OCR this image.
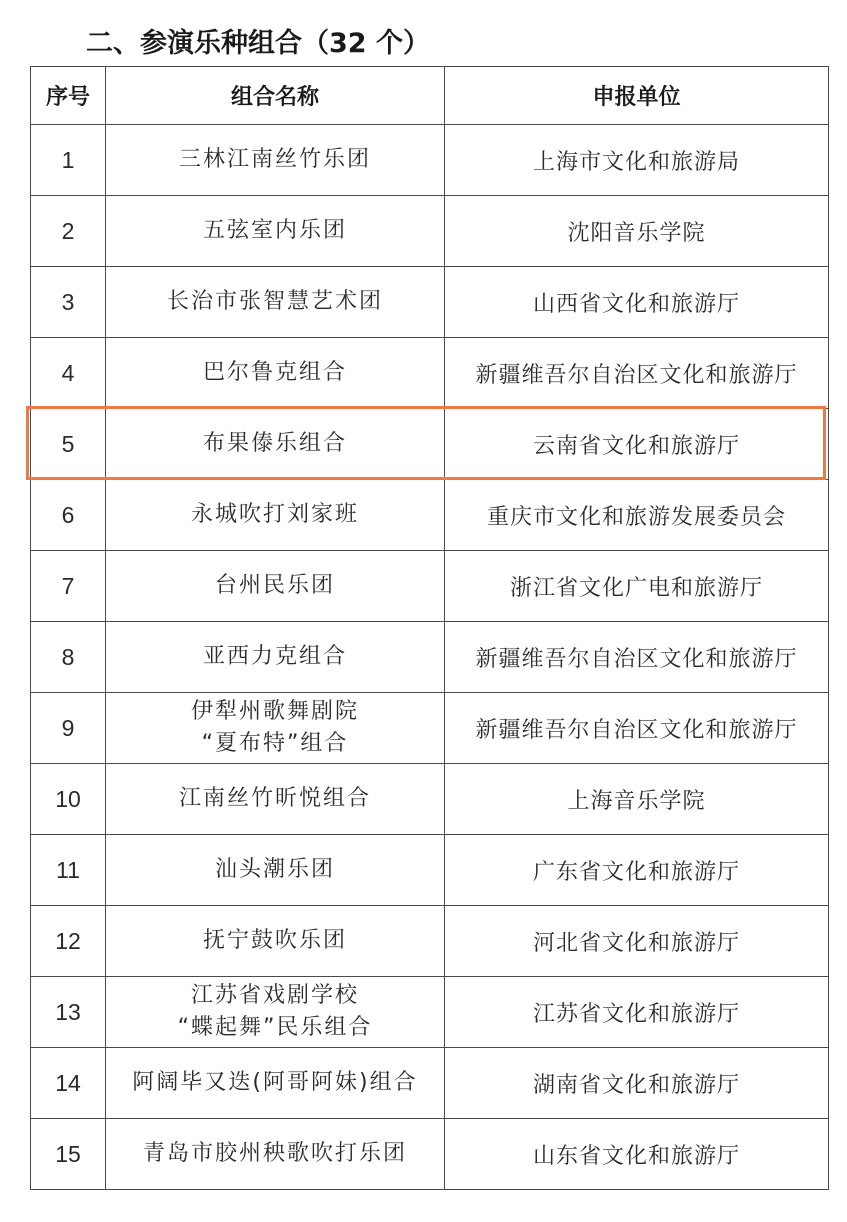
二、参演乐种组合（32 个）
序号	组合名称	申报单位
1	三林江南丝竹乐团	上海市文化和旅游局
2	五弦室内乐团	沈阳音乐学院
3	长治市张智慧艺术团	山西省文化和旅游厅
4	巴尔鲁克组合	新疆维吾尔自治区文化和旅游厅
5	布果傣乐组合	云南省文化和旅游厅
6	永城吹打刘家班	重庆市文化和旅游发展委员会
7	台州民乐团	浙江省文化广电和旅游厅
8	亚西力克组合	新疆维吾尔自治区文化和旅游厅
9	伊犁州歌舞剧院
“夏布特”组合	新疆维吾尔自治区文化和旅游厅
10	江南丝竹昕悦组合	上海音乐学院
11	汕头潮乐团	广东省文化和旅游厅
12	抚宁鼓吹乐团	河北省文化和旅游厅
13	江苏省戏剧学校
“蝶起舞”民乐组合	江苏省文化和旅游厅
14	阿阔毕又迭(阿哥阿妹)组合	湖南省文化和旅游厅
15	青岛市胶州秧歌吹打乐团	山东省文化和旅游厅
